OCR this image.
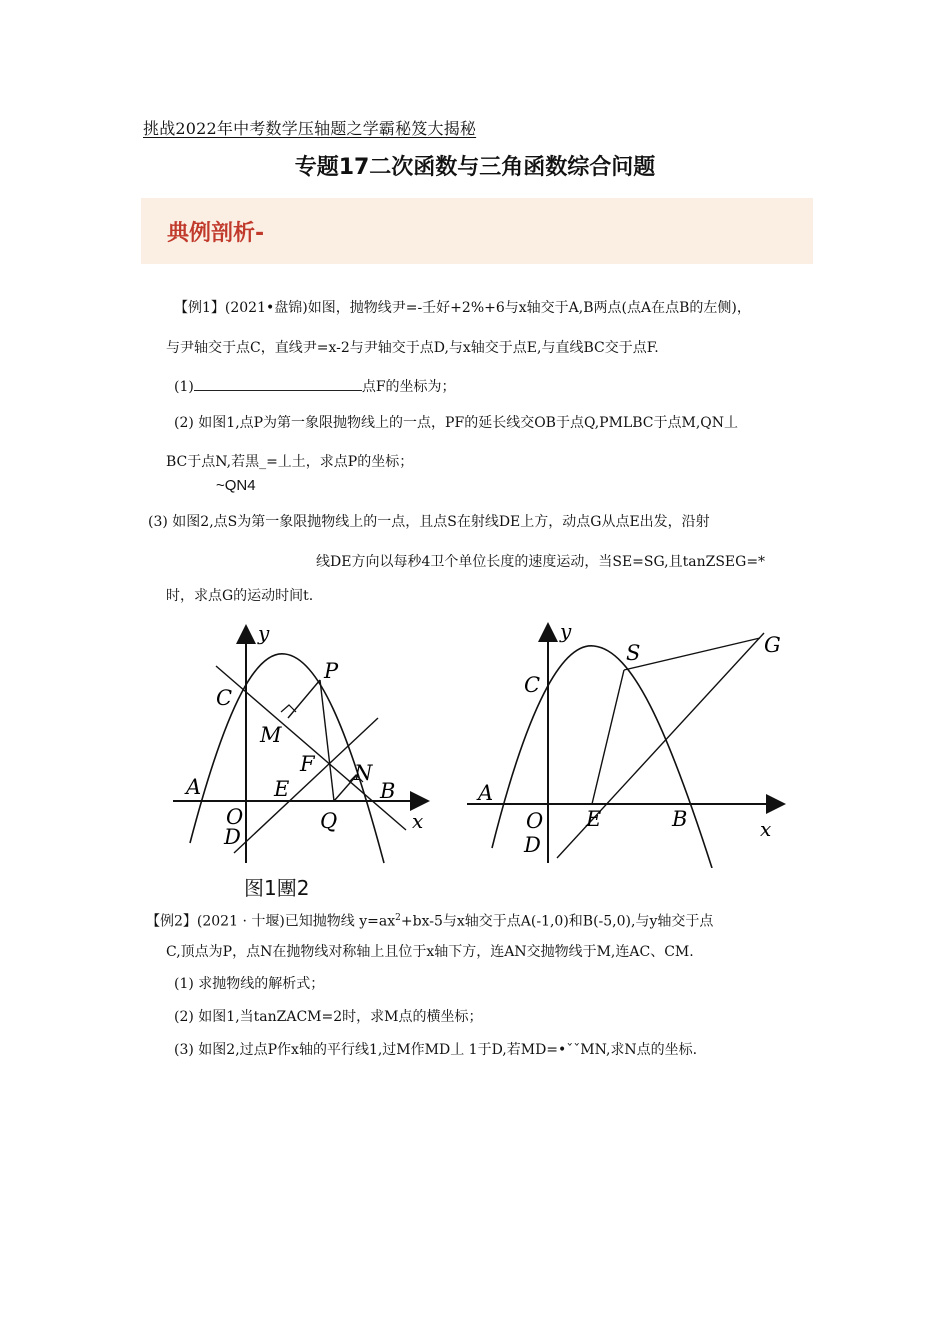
挑战2022年中考数学压轴题之学霸秘笈大揭秘
专题17二次函数与三角函数综合问题
典例剖析-
【例1】(2021•盘锦)如图，抛物线尹=-壬好+2%+6与x轴交于A,B两点(点A在点B的左侧)，
与尹轴交于点C，直线尹=x-2与尹轴交于点D,与x轴交于点E,与直线BC交于点F.
(1)	点F的坐标为；
(2) 如图1,点P为第一象限抛物线上的一点，PF的延长线交OB于点Q,PMLBC于点M,QN丄
BC于点N,若黒_=丄土，求点P的坐标；
~QN4
(3) 如图2,点S为第一象限抛物线上的一点，且点S在射线DE上方，动点G从点E出发，沿射
线DE方向以每秒4卫个单位长度的速度运动，当SE=SG,且tanZSEG=*
时，求点G的运动时间t.
y
x
C
P
M
F N
A	E	B
O
D
Q
y
x
C
S	G
A
O E	B
D
图1團2
【例2】(2021 · 十堰)已知抛物线 $y=ax^2+bx-5$与x轴交于点A(-1,0)和B(-5,0),与y轴交于点
C,顶点为P，点N在抛物线对称轴上且位于x轴下方，连AN交抛物线于M,连AC、CM.
(1) 求抛物线的解析式；
(2) 如图1,当tanZACM=2时，求M点的横坐标；
(3) 如图2,过点P作x轴的平行线1,过M作MD丄 1于D,若MD=•ˇˇMN,求N点的坐标.
